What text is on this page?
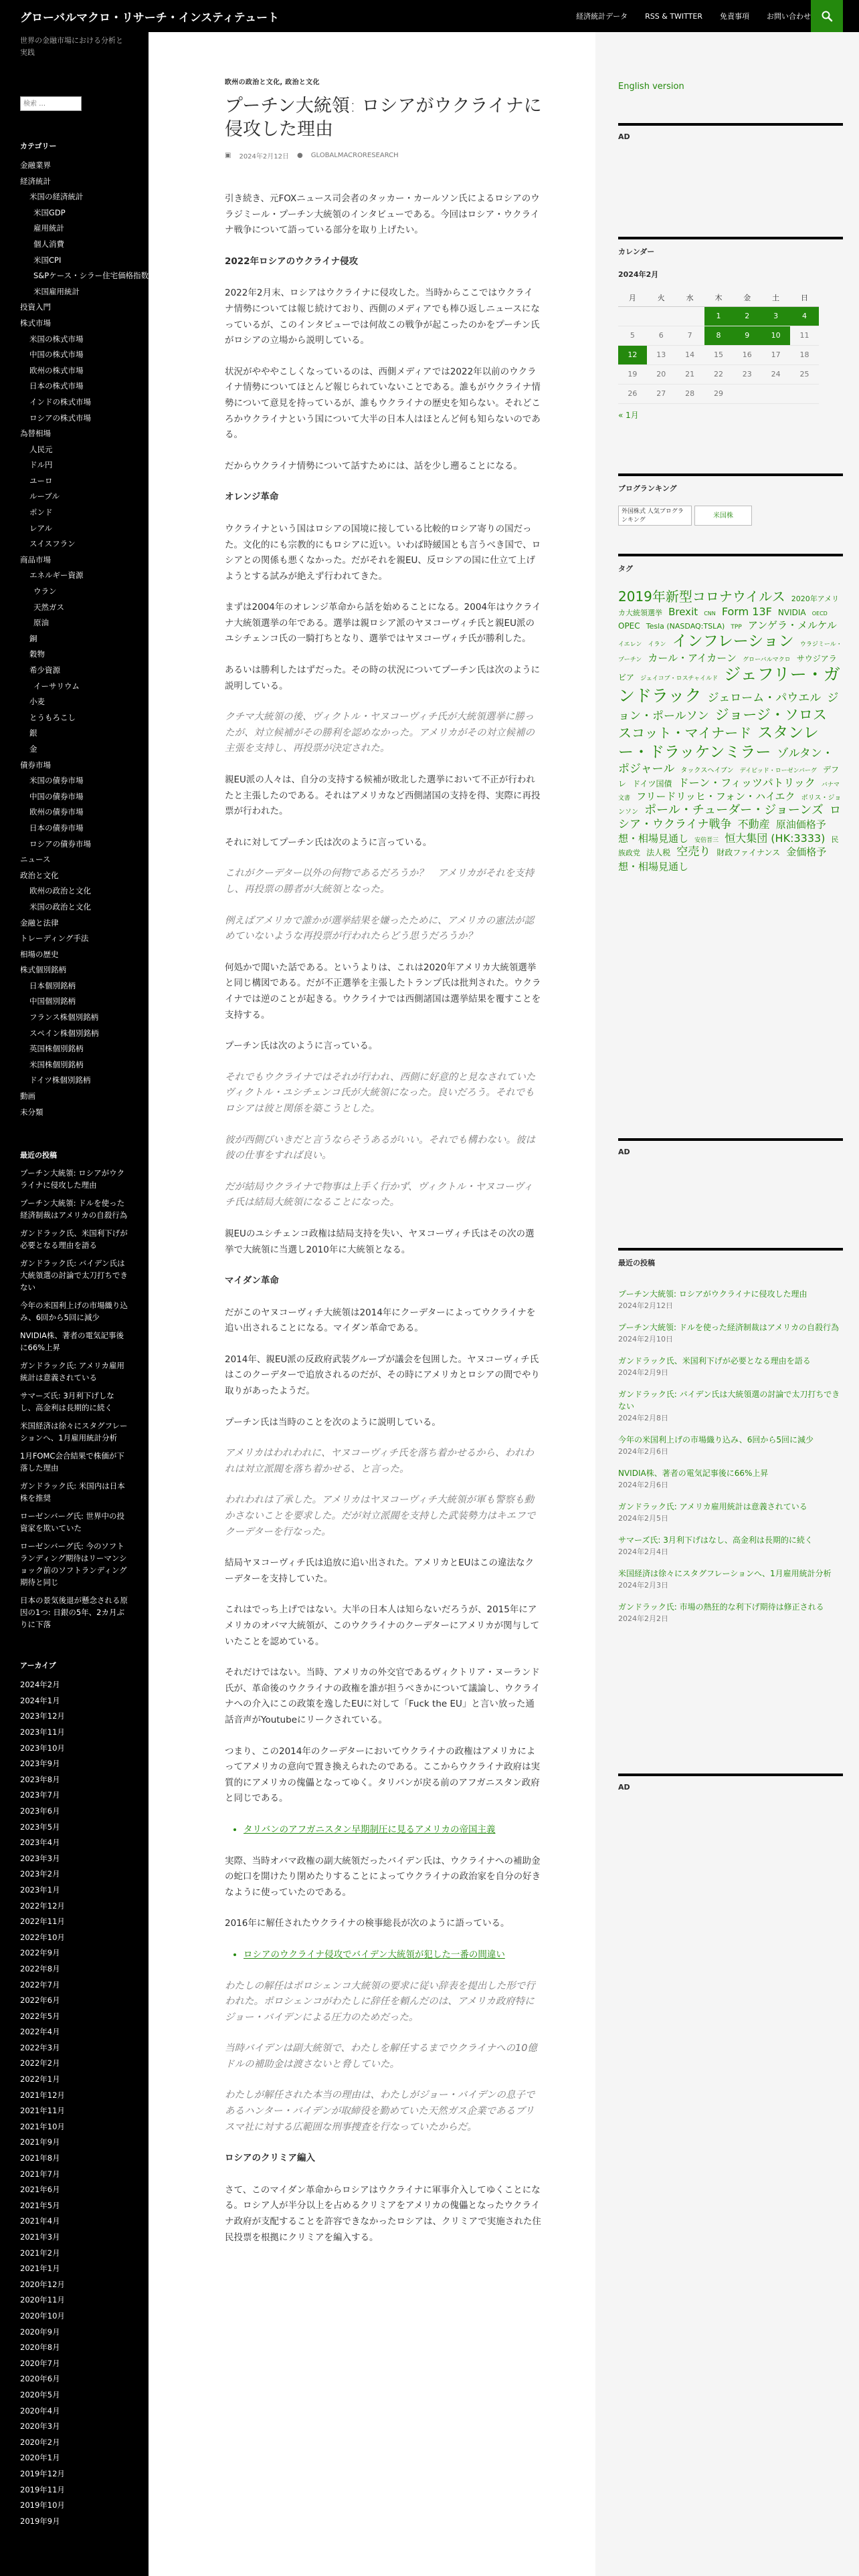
グローバルマクロ・リサーチ・インスティテュート	経済統計データ RSS & TWITTER 免責事項 お問い合わせ

世界の金融市場における分析と実践

検索 …
カテゴリー
金融業界
経済統計
米国の経済統計
米国GDP
雇用統計
個人消費
米国CPI
S&Pケース・シラー住宅価格指数
米国雇用統計
投資入門
株式市場
米国の株式市場
中国の株式市場
欧州の株式市場
日本の株式市場
インドの株式市場
ロシアの株式市場
為替相場
人民元
ドル円
ユーロ
ルーブル
ポンド
レアル
スイスフラン
商品市場
エネルギー資源
ウラン
天然ガス
原油
銅
穀物
希少資源
イーサリウム
小麦
とうもろこし
銀
金
債券市場
米国の債券市場
中国の債券市場
欧州の債券市場
日本の債券市場
ロシアの債券市場
ニュース
政治と文化
欧州の政治と文化
米国の政治と文化
金融と法律
トレーディング手法
相場の歴史
株式個別銘柄
日本個別銘柄
中国個別銘柄
フランス株個別銘柄
スペイン株個別銘柄
英国株個別銘柄
米国株個別銘柄
ドイツ株個別銘柄
動画
未分類
最近の投稿
プーチン大統領: ロシアがウクライナに侵攻した理由
プーチン大統領: ドルを使った経済制裁はアメリカの自殺行為
ガンドラック氏、米国利下げが必要となる理由を語る
ガンドラック氏: バイデン氏は大統領選の討論で太刀打ちできない
今年の米国利上げの市場織り込み、6回から5回に減少
NVIDIA株、著者の電気記事後に66%上昇
ガンドラック氏: アメリカ雇用統計は意義されている
サマーズ氏: 3月利下げしなし、高金利は長期的に続く
米国経済は徐々にスタグフレーションへ、1月雇用統計分析
1月FOMC会合結果で株価が下落した理由
ガンドラック氏: 米国内は日本株を推奨
ローゼンバーグ氏: 世界中の投資家を欺いていた
ローゼンバーグ氏: 今のソフトランディング期待はリーマンショック前のソフトランディング期待と同じ
日本の景気後退が懸念される原因の1つ: 日銀の5年、2カ月ぶりに下落
アーカイブ
2024年2月
2024年1月
2023年12月
2023年11月
2023年10月
2023年9月
2023年8月
2023年7月
2023年6月
2023年5月
2023年4月
2023年3月
2023年2月
2023年1月
2022年12月
2022年11月
2022年10月
2022年9月
2022年8月
2022年7月
2022年6月
2022年5月
2022年4月
2022年3月
2022年2月
2022年1月
2021年12月
2021年11月
2021年10月
2021年9月
2021年8月
2021年7月
2021年6月
2021年5月
2021年4月
2021年3月
2021年2月
2021年1月
2020年12月
2020年11月
2020年10月
2020年9月
2020年8月
2020年7月
2020年6月
2020年5月
2020年4月
2020年3月
2020年2月
2020年1月
2019年12月
2019年11月
2019年10月
2019年9月
欧州の政治と文化, 政治と文化
プーチン大統領: ロシアがウクライナに侵攻した理由
▣ 2024年2月12日 ● GLOBALMACRORESEARCH

引き続き、元FOXニュース司会者のタッカー・カールソン氏によるロシアのウラジミール・プーチン大統領のインタビューである。今回はロシア・ウクライナ戦争について語っている部分を取り上げたい。

2022年ロシアのウクライナ侵攻

2022年2月末、ロシアはウクライナに侵攻した。当時からここではウクライナ情勢については報じ続けており、西側のメディアでも棒ひ返しニュースになっているが、このインタビューでは何故この戦争が起こったのかをプーチン氏がロシアの立場から説明している。

状況がやややこしくなっているのは、西側メディアでは2022年以前のウクライナ情勢についてほとんど報じられていないことである。誰もがウクライナ情勢について意見を持っているが、誰もウクライナの歴史を知らない。それどころかウクライナという国について大半の日本人はほとんど何も知らないのである。

だからウクライナ情勢について話すためには、話を少し遡ることになる。

オレンジ革命

ウクライナという国はロシアの国境に接している比較的ロシア寄りの国だった。文化的にも宗教的にもロシアに近い。いわば時緩国とも言うべき国で、ロシアとの関係も悪くなかった。だがそれを親EU、反ロシアの国に仕立て上げようとする試みが絶えず行われてきた。

まずは2004年のオレンジ革命から話を始めることになる。2004年はウクライナ大統領選挙の年である。選挙は親ロシア派のヤヌコーヴィチ氏と親EU派のユシチェンコ氏の一騎打ちとなり、選挙ではヤヌコーヴィチ氏が勝利した。

あるいは勝利したはずだった。その時の状況についてプーチン氏は次のように説明している。

クチマ大統領の後、ヴィクトル・ヤヌコーヴィチ氏が大統領選挙に勝ったが、対立候補がその勝利を認めなかった。アメリカがその対立候補の主張を支持し、再投票が決定された。

親EU派の人々は、自分の支持する候補が敗北した選挙において不正が行われたと主張したのである。それはアメリカなど西側諸国の支持を得、実際に再投票が行われた。

それに対してプーチン氏は次のように言っている。

これがクーデター以外の何物であるだろうか？　アメリカがそれを支持し、再投票の勝者が大統領となった。
例えばアメリカで誰かが選挙結果を嫌ったために、アメリカの憲法が認めていないような再投票が行われたらどう思うだろうか？

何処かで聞いた話である。というよりは、これは2020年アメリカ大統領選挙と同じ構図である。だが不正選挙を主張したトランプ氏は批判された。ウクライナでは逆のことが起きる。ウクライナでは西側諸国は選挙結果を覆すことを支持する。

プーチン氏は次のように言っている。

それでもウクライナではそれが行われ、西側に好意的と見なされていたヴィクトル・ユシチェンコ氏が大統領になった。良いだろう。それでもロシアは彼と関係を築こうとした。
彼が西側びいきだと言うならそうあるがいい。それでも構わない。彼は彼の仕事をすれば良い。
だが結局ウクライナで物事は上手く行かず、ヴィクトル・ヤヌコーヴィチ氏は結局大統領になることになった。

親EUのユシチェンコ政権は結局支持を失い、ヤヌコーヴィチ氏はその次の選挙で大統領に当選し2010年に大統領となる。

マイダン革命

だがこのヤヌコーヴィチ大統領は2014年にクーデターによってウクライナを追い出されることになる。マイダン革命である。

2014年、親EU派の反政府武装グループが議会を包囲した。ヤヌコーヴィチ氏はこのクーデターで追放されるのだが、その時にアメリカとロシアの間でやり取りがあったようだ。

プーチン氏は当時のことを次のように説明している。

アメリカはわれわれに、ヤヌコーヴィチ氏を落ち着かせるから、われわれは対立派閥を落ち着かせる、と言った。
われわれは了承した。アメリカはヤヌコーヴィチ大統領が軍も警察も動かさないことを要求した。だが対立派閥を支持した武装勢力はキエフでクーデターを行なった。

結局ヤヌコーヴィチ氏は追放に追い出された。アメリカとEUはこの違法なクーデターを支持していた。

これはでっち上げではない。大半の日本人は知らないだろうが、2015年にアメリカのオバマ大統領が、このウクライナのクーデターにアメリカが関与していたことを認めている。

それだけではない。当時、アメリカの外交官であるヴィクトリア・ヌーランド氏が、革命後のウクライナの政権を誰が担うべきかについて議論し、ウクライナへの介入にこの政策を逸したEUに対して「Fuck the EU」と言い放った通話音声がYoutubeにリークされている。

つまり、この2014年のクーデターにおいてウクライナの政権はアメリカによってアメリカの意向で置き換えられたのである。ここからウクライナ政府は実質的にアメリカの傀儡となってゆく。タリバンが戻る前のアフガニスタン政府と同じである。

• タリバンのアフガニスタン早期制圧に見るアメリカの帝国主義

実際、当時オバマ政権の副大統領だったバイデン氏は、ウクライナへの補助金の蛇口を開けたり閉めたりすることによってウクライナの政治家を自分の好きなように使っていたのである。

2016年に解任されたウクライナの検事総長が次のように語っている。

• ロシアのウクライナ侵攻でバイデン大統領が犯した一番の間違い
わたしの解任はポロシェンコ大統領の要求に従い辞表を提出した形で行われた。ポロシェンコがわたしに辞任を頼んだのは、アメリカ政府特にジョー・バイデンによる圧力のためだった。
当時バイデンは副大統領で、わたしを解任するまでウクライナへの10億ドルの補助金は渡さないと脅していた。
わたしが解任された本当の理由は、わたしがジョー・バイデンの息子であるハンター・バイデンが取締役を勤めていた天然ガス企業であるブリスマ社に対する広範囲な刑事捜査を行なっていたからだ。
ロシアのクリミア編入

さて、このマイダン革命からロシアはウクライナに軍事介入してゆくことになる。ロシア人が半分以上を占めるクリミアをアメリカの傀儡となったウクライナ政府が支配することを許容できなかったロシアは、クリミアで実施された住民投票を根拠にクリミアを編入する。

English version
AD
カレンダー
2024年2月
月	火	水	木	金	土	日
			1	2	3	4
5	6	7	8	9	10	11
12	13	14	15	16	17	18
19	20	21	22	23	24	25
26	27	28	29			
« 1月
ブログランキング
外国株式 人気ブログランキング米国株
タグ
2019年新型コロナウイルス 2020年アメリカ大統領選挙 Brexit CNN Form 13F NVIDIA OECD OPEC Tesla (NASDAQ:TSLA) TPP アンゲラ・メルケル イエレン イラン インフレーション ウラジミール・プーチン カール・アイカーン グローバルマクロ サウジアラビア ジェイコブ・ロスチャイルド ジェフリー・ガンドラック ジェローム・パウエル ジョン・ポールソン ジョージ・ソロス スコット・マイナード スタンレー・ドラッケンミラー ゾルタン・ポジャール タックスヘイブン デイビッド・ローゼンバーグ デフレ ドイツ国債 ドーン・フィッツパトリック バナマ文書 フリードリッヒ・フォン・ハイエク ボリス・ジョンソン ポール・チューダー・ジョーンズ ロシア・ウクライナ戦争 不動産 原油価格予想・相場見通し 安倍晋三 恒大集団 (HK:3333) 民族政党 法人税 空売り 財政ファイナンス 金価格予想・相場見通し
AD
最近の投稿
プーチン大統領: ロシアがウクライナに侵攻した理由
2024年2月12日
プーチン大統領: ドルを使った経済制裁はアメリカの自殺行為
2024年2月10日
ガンドラック氏、米国利下げが必要となる理由を語る
2024年2月9日
ガンドラック氏: バイデン氏は大統領選の討論で太刀打ちできない
2024年2月8日
今年の米国利上げの市場織り込み、6回から5回に減少
2024年2月6日
NVIDIA株、著者の電気記事後に66%上昇
2024年2月6日
ガンドラック氏: アメリカ雇用統計は意義されている
2024年2月5日
サマーズ氏: 3月利下げはなし、高金利は長期的に続く
2024年2月4日
米国経済は徐々にスタグフレーションへ、1月雇用統計分析
2024年2月3日
ガンドラック氏: 市場の熱狂的な利下げ期待は修正される
2024年2月2日
AD
